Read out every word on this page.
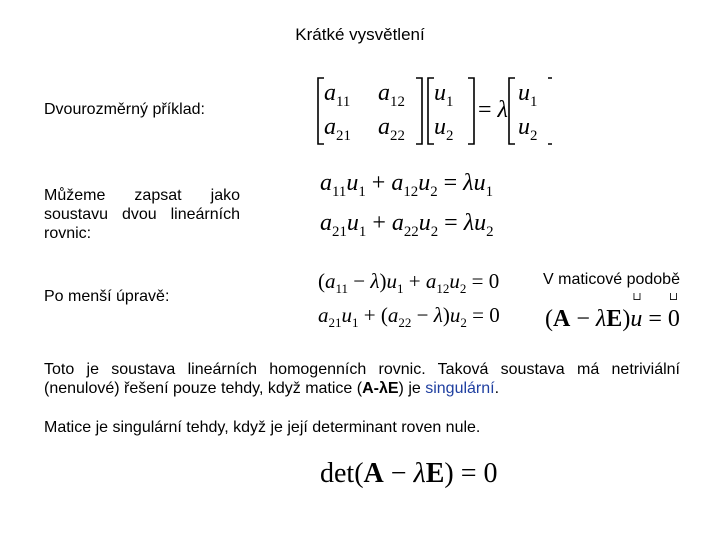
Krátké vysvětlení
Dvourozměrný příklad:
Můžeme zapsat jako soustavu dvou lineárních rovnic:
Po menší úpravě:
V maticové podobě
$a_{11}$ $a_{12}$
$a_{21}$ $a_{22}$
$u_1$
$u_2$
= λ
$u_1$
$u_2$
$a_{11}u_1 + a_{12}u_2 = \lambda u_1$
$a_{21}u_1 + a_{22}u_2 = \lambda u_2$
$(a_{11} - \lambda)u_1 + a_{12}u_2 = 0$
$a_{21}u_1 + (a_{22} - \lambda)u_2 = 0$ (A − λE)u
⊔
= 0
⊔
Toto je soustava lineárních homogenních rovnic. Taková soustava má netriviální (nenulové) řešení pouze tehdy, když matice (A-λE) je singulární.
Matice je singulární tehdy, když je její determinant roven nule.
det(A − λE) = 0
